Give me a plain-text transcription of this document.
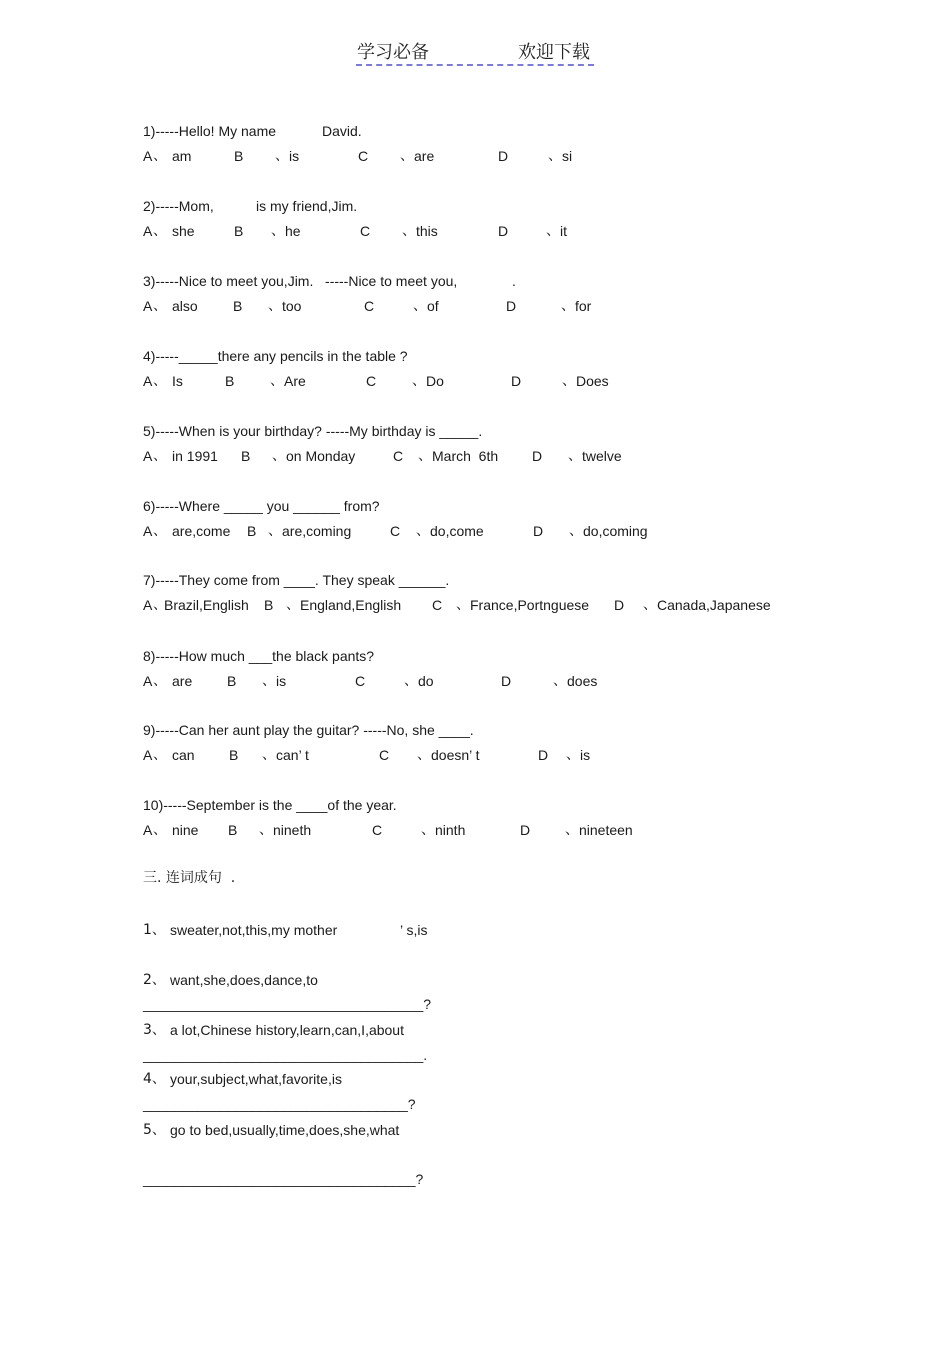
学习必备	欢迎下载
1)-----Hello! My name	David.
A 、 am	B 、 is	C 、 are	D	、 si
2)-----Mom,	is my friend,Jim.
A 、 she	B 、 he	C 、 this	D	、 it
3)-----Nice to meet you,Jim.   -----Nice to meet you,	.
A 、 also	B 、 too	C	、 of	D	、 for
4)-----_____there any pencils in the table ?
A 、 Is	B	、 Are	C	、 Do	D	、 Does
5)-----When is your birthday? -----My birthday is _____.
A 、 in 1991 B 、 on Monday	C 、 March  6th D 、 twelve
6)-----Where _____ you ______ from?
A 、 are,come B 、 are,coming	C 、 do,come	D 、 do,coming
7)-----They come from ____. They speak ______.
A 、
Brazil,English B 、 England,English C 、 France,Portnguese D 、 Canada,Japanese
8)-----How much ___the black pants?
A 、 are B 、 is	C	、 do	D	、 does
9)-----Can her aunt play the guitar? -----No, she ____.
A 、 can B 、 can’ t	C 、 doesn’ t	D 、 is
10)-----September is the ____of the year.
A 、 nine B 、 nineth	C	、 ninth	D 、 nineteen
三. 连词成句  .
1、 sweater,not,this,my mother	’ s,is
2、 want,she,does,dance,to
____________________________________?
3、 a lot,Chinese history,learn,can,I,about
____________________________________.
4、 your,subject,what,favorite,is
__________________________________?
5、 go to bed,usually,time,does,she,what
___________________________________?
